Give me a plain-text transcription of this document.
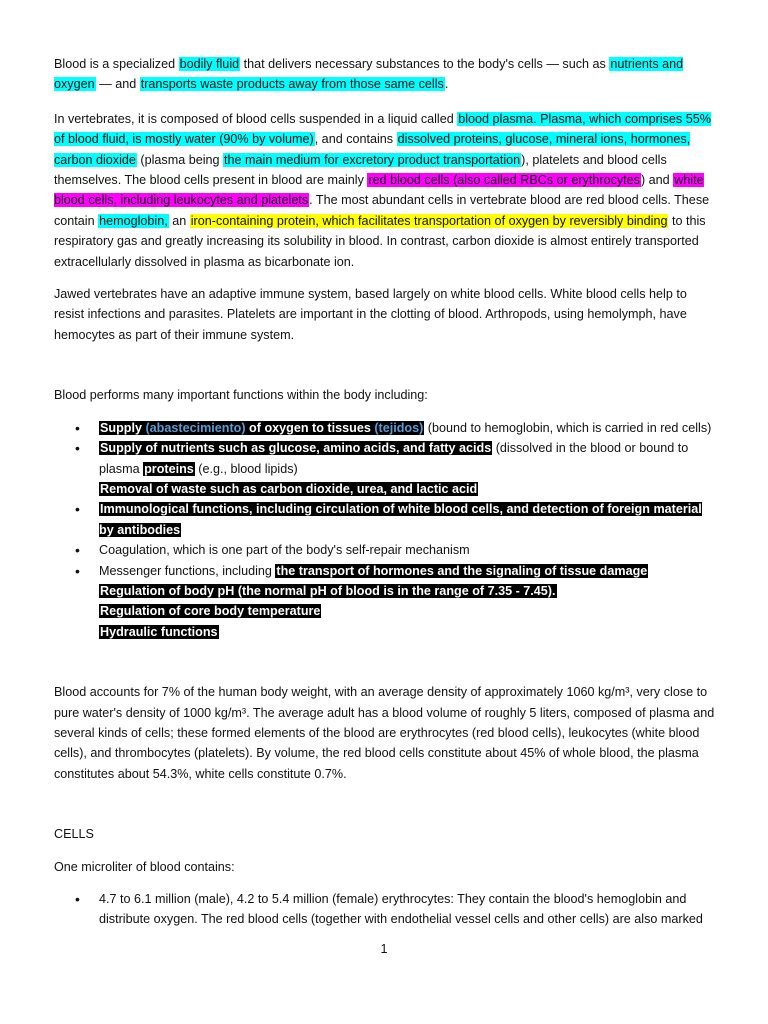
Blood is a specialized bodily fluid that delivers necessary substances to the body's cells — such as nutrients and oxygen — and transports waste products away from those same cells.

In vertebrates, it is composed of blood cells suspended in a liquid called blood plasma. Plasma, which comprises 55% of blood fluid, is mostly water (90% by volume), and contains dissolved proteins, glucose, mineral ions, hormones, carbon dioxide (plasma being the main medium for excretory product transportation), platelets and blood cells themselves. The blood cells present in blood are mainly red blood cells (also called RBCs or erythrocytes) and white blood cells, including leukocytes and platelets. The most abundant cells in vertebrate blood are red blood cells. These contain hemoglobin, an iron-containing protein, which facilitates transportation of oxygen by reversibly binding to this respiratory gas and greatly increasing its solubility in blood. In contrast, carbon dioxide is almost entirely transported extracellularly dissolved in plasma as bicarbonate ion.

Jawed vertebrates have an adaptive immune system, based largely on white blood cells. White blood cells help to resist infections and parasites. Platelets are important in the clotting of blood. Arthropods, using hemolymph, have hemocytes as part of their immune system.

Blood performs many important functions within the body including:

• Supply (abastecimiento) of oxygen to tissues (tejidos) (bound to hemoglobin, which is carried in red cells)
• Supply of nutrients such as glucose, amino acids, and fatty acids (dissolved in the blood or bound to plasma proteins (e.g., blood lipids)
Removal of waste such as carbon dioxide, urea, and lactic acid
• Immunological functions, including circulation of white blood cells, and detection of foreign material by antibodies
• Coagulation, which is one part of the body's self-repair mechanism
• Messenger functions, including the transport of hormones and the signaling of tissue damage
Regulation of body pH (the normal pH of blood is in the range of 7.35 - 7.45).
Regulation of core body temperature
Hydraulic functions

Blood accounts for 7% of the human body weight, with an average density of approximately 1060 kg/m³, very close to pure water's density of 1000 kg/m³. The average adult has a blood volume of roughly 5 liters, composed of plasma and several kinds of cells; these formed elements of the blood are erythrocytes (red blood cells), leukocytes (white blood cells), and thrombocytes (platelets). By volume, the red blood cells constitute about 45% of whole blood, the plasma constitutes about 54.3%, white cells constitute 0.7%.

CELLS

One microliter of blood contains:

• 4.7 to 6.1 million (male), 4.2 to 5.4 million (female) erythrocytes: They contain the blood's hemoglobin and distribute oxygen. The red blood cells (together with endothelial vessel cells and other cells) are also marked
1
